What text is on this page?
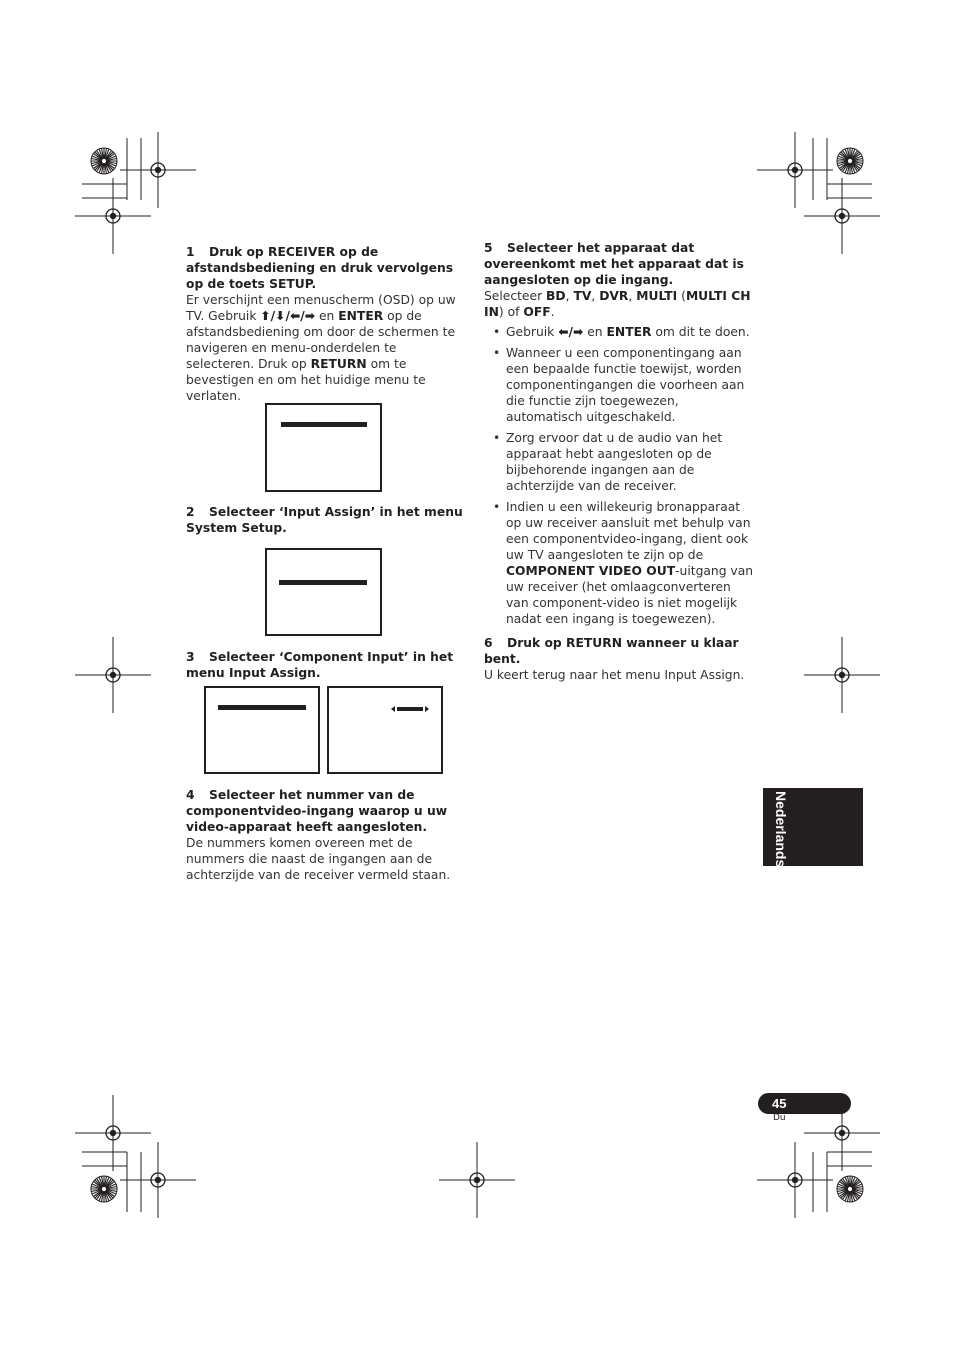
1 Druk op RECEIVER op de afstandsbediening en druk vervolgens op de toets SETUP.

Er verschijnt een menuscherm (OSD) op uw TV. Gebruik ⬆/⬇/⬅/➡ en ENTER op de afstandsbediening om door de schermen te navigeren en menu-onderdelen te selecteren. Druk op RETURN om te bevestigen en om het huidige menu te verlaten.

2 Selecteer ‘Input Assign’ in het menu System Setup.

3 Selecteer ‘Component Input’ in het menu Input Assign.

4 Selecteer het nummer van de componentvideo-ingang waarop u uw video-apparaat heeft aangesloten.

De nummers komen overeen met de nummers die naast de ingangen aan de achterzijde van de receiver vermeld staan.

5 Selecteer het apparaat dat overeenkomt met het apparaat dat is aangesloten op die ingang.

Selecteer BD, TV, DVR, MULTI (MULTI CH IN) of OFF.

• Gebruik ⬅/➡ en ENTER om dit te doen.
• Wanneer u een componentingang aan een bepaalde functie toewijst, worden componentingangen die voorheen aan die functie zijn toegewezen, automatisch uitgeschakeld.
• Zorg ervoor dat u de audio van het apparaat hebt aangesloten op de bijbehorende ingangen aan de achterzijde van de receiver.
• Indien u een willekeurig bronapparaat op uw receiver aansluit met behulp van een componentvideo-ingang, dient ook uw TV aangesloten te zijn op de COMPONENT VIDEO OUT-uitgang van uw receiver (het omlaagconverteren van component-video is niet mogelijk nadat een ingang is toegewezen).

6 Druk op RETURN wanneer u klaar bent.

U keert terug naar het menu Input Assign.

Nederlands
45
Du
